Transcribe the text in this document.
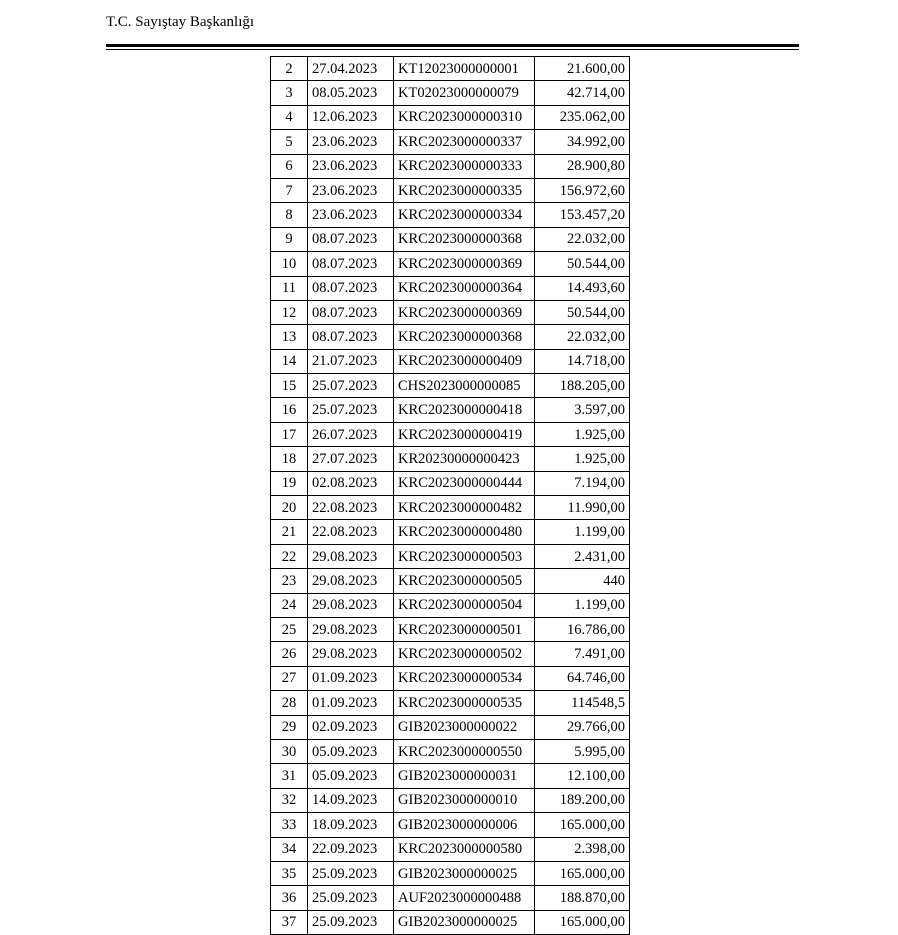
T.C. Sayıştay Başkanlığı
2	27.04.2023	KT12023000000001	21.600,00
3	08.05.2023	KT02023000000079	42.714,00
4	12.06.2023	KRC2023000000310	235.062,00
5	23.06.2023	KRC2023000000337	34.992,00
6	23.06.2023	KRC2023000000333	28.900,80
7	23.06.2023	KRC2023000000335	156.972,60
8	23.06.2023	KRC2023000000334	153.457,20
9	08.07.2023	KRC2023000000368	22.032,00
10	08.07.2023	KRC2023000000369	50.544,00
11	08.07.2023	KRC2023000000364	14.493,60
12	08.07.2023	KRC2023000000369	50.544,00
13	08.07.2023	KRC2023000000368	22.032,00
14	21.07.2023	KRC2023000000409	14.718,00
15	25.07.2023	CHS2023000000085	188.205,00
16	25.07.2023	KRC2023000000418	3.597,00
17	26.07.2023	KRC2023000000419	1.925,00
18	27.07.2023	KR20230000000423	1.925,00
19	02.08.2023	KRC2023000000444	7.194,00
20	22.08.2023	KRC2023000000482	11.990,00
21	22.08.2023	KRC2023000000480	1.199,00
22	29.08.2023	KRC2023000000503	2.431,00
23	29.08.2023	KRC2023000000505	440
24	29.08.2023	KRC2023000000504	1.199,00
25	29.08.2023	KRC2023000000501	16.786,00
26	29.08.2023	KRC2023000000502	7.491,00
27	01.09.2023	KRC2023000000534	64.746,00
28	01.09.2023	KRC2023000000535	114548,5
29	02.09.2023	GIB2023000000022	29.766,00
30	05.09.2023	KRC2023000000550	5.995,00
31	05.09.2023	GIB2023000000031	12.100,00
32	14.09.2023	GIB2023000000010	189.200,00
33	18.09.2023	GIB2023000000006	165.000,00
34	22.09.2023	KRC2023000000580	2.398,00
35	25.09.2023	GIB2023000000025	165.000,00
36	25.09.2023	AUF2023000000488	188.870,00
37	25.09.2023	GIB2023000000025	165.000,00
